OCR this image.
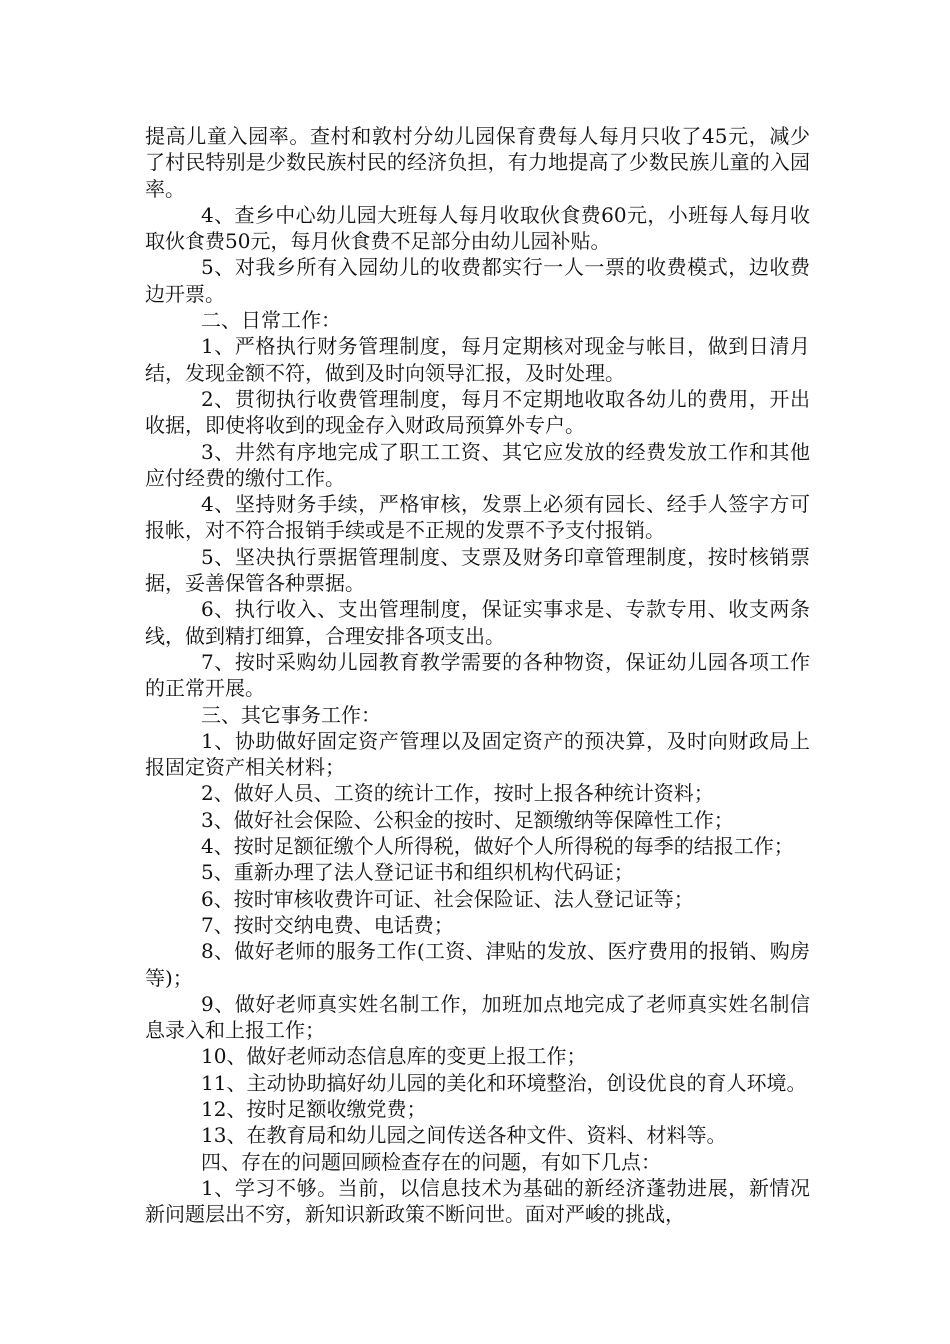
提高儿童入园率。查村和敦村分幼儿园保育费每人每月只收了45元，减少了村民特别是少数民族村民的经济负担，有力地提高了少数民族儿童的入园率。

4、查乡中心幼儿园大班每人每月收取伙食费60元，小班每人每月收取伙食费50元，每月伙食费不足部分由幼儿园补贴。

5、对我乡所有入园幼儿的收费都实行一人一票的收费模式，边收费边开票。

二、日常工作：

1、严格执行财务管理制度，每月定期核对现金与帐目，做到日清月结，发现金额不符，做到及时向领导汇报，及时处理。

2、贯彻执行收费管理制度，每月不定期地收取各幼儿的费用，开出收据，即使将收到的现金存入财政局预算外专户。

3、井然有序地完成了职工工资、其它应发放的经费发放工作和其他应付经费的缴付工作。

4、坚持财务手续，严格审核，发票上必须有园长、经手人签字方可报帐，对不符合报销手续或是不正规的发票不予支付报销。

5、坚决执行票据管理制度、支票及财务印章管理制度，按时核销票据，妥善保管各种票据。

6、执行收入、支出管理制度，保证实事求是、专款专用、收支两条线，做到精打细算，合理安排各项支出。

7、按时采购幼儿园教育教学需要的各种物资，保证幼儿园各项工作的正常开展。

三、其它事务工作：

1、协助做好固定资产管理以及固定资产的预决算，及时向财政局上报固定资产相关材料；

2、做好人员、工资的统计工作，按时上报各种统计资料；

3、做好社会保险、公积金的按时、足额缴纳等保障性工作；

4、按时足额征缴个人所得税，做好个人所得税的每季的结报工作；

5、重新办理了法人登记证书和组织机构代码证；

6、按时审核收费许可证、社会保险证、法人登记证等；

7、按时交纳电费、电话费；

8、做好老师的服务工作(工资、津贴的发放、医疗费用的报销、购房等)；

9、做好老师真实姓名制工作，加班加点地完成了老师真实姓名制信息录入和上报工作；

10、做好老师动态信息库的变更上报工作；

11、主动协助搞好幼儿园的美化和环境整治，创设优良的育人环境。

12、按时足额收缴党费；

13、在教育局和幼儿园之间传送各种文件、资料、材料等。

四、存在的问题回顾检查存在的问题，有如下几点：

1、学习不够。当前，以信息技术为基础的新经济蓬勃进展，新情况新问题层出不穷，新知识新政策不断问世。面对严峻的挑战，
